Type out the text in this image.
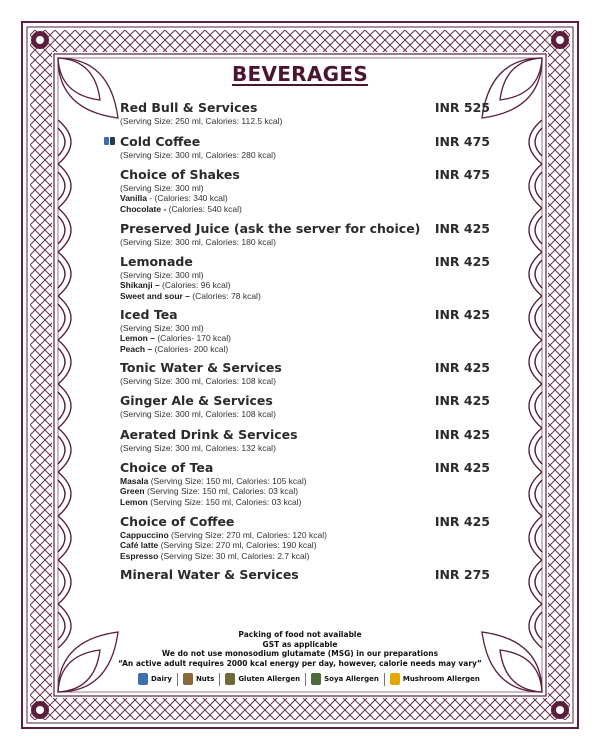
BEVERAGES
Red Bull & Services	INR 525
(Serving Size: 250 ml, Calories: 112.5 kcal)
Cold Coffee	INR 475
(Serving Size: 300 ml, Calories: 280 kcal)
Choice of Shakes	INR 475
(Serving Size: 300 ml)
Vanilla - (Calories: 340 kcal)
Chocolate - (Calories: 540 kcal)
Preserved Juice (ask the server for choice)	INR 425
(Serving Size: 300 ml, Calories: 180 kcal)
Lemonade	INR 425
(Serving Size: 300 ml)
Shikanji – (Calories: 96 kcal)
Sweet and sour – (Calories: 78 kcal)
Iced Tea	INR 425
(Serving Size: 300 ml)
Lemon – (Calories- 170 kcal)
Peach – (Calories- 200 kcal)
Tonic Water & Services	INR 425
(Serving Size: 300 ml, Calories: 108 kcal)
Ginger Ale & Services	INR 425
(Serving Size: 300 ml, Calories: 108 kcal)
Aerated Drink & Services	INR 425
(Serving Size: 300 ml, Calories: 132 kcal)
Choice of Tea	INR 425
Masala (Serving Size: 150 ml, Calories: 105 kcal)
Green (Serving Size: 150 ml, Calories: 03 kcal)
Lemon (Serving Size: 150 ml, Calories: 03 kcal)
Choice of Coffee	INR 425
Cappuccino (Serving Size: 270 ml, Calories: 120 kcal)
Café latte (Serving Size: 270 ml, Calories: 190 kcal)
Espresso (Serving Size: 30 ml, Calories: 2.7 kcal)
Mineral Water & Services	INR 275
Packing of food not available
GST as applicable
We do not use monosodium glutamate (MSG) in our preparations
“An active adult requires 2000 kcal energy per day, however, calorie needs may vary”
Dairy	Nuts	Gluten Allergen	Soya Allergen	Mushroom Allergen
